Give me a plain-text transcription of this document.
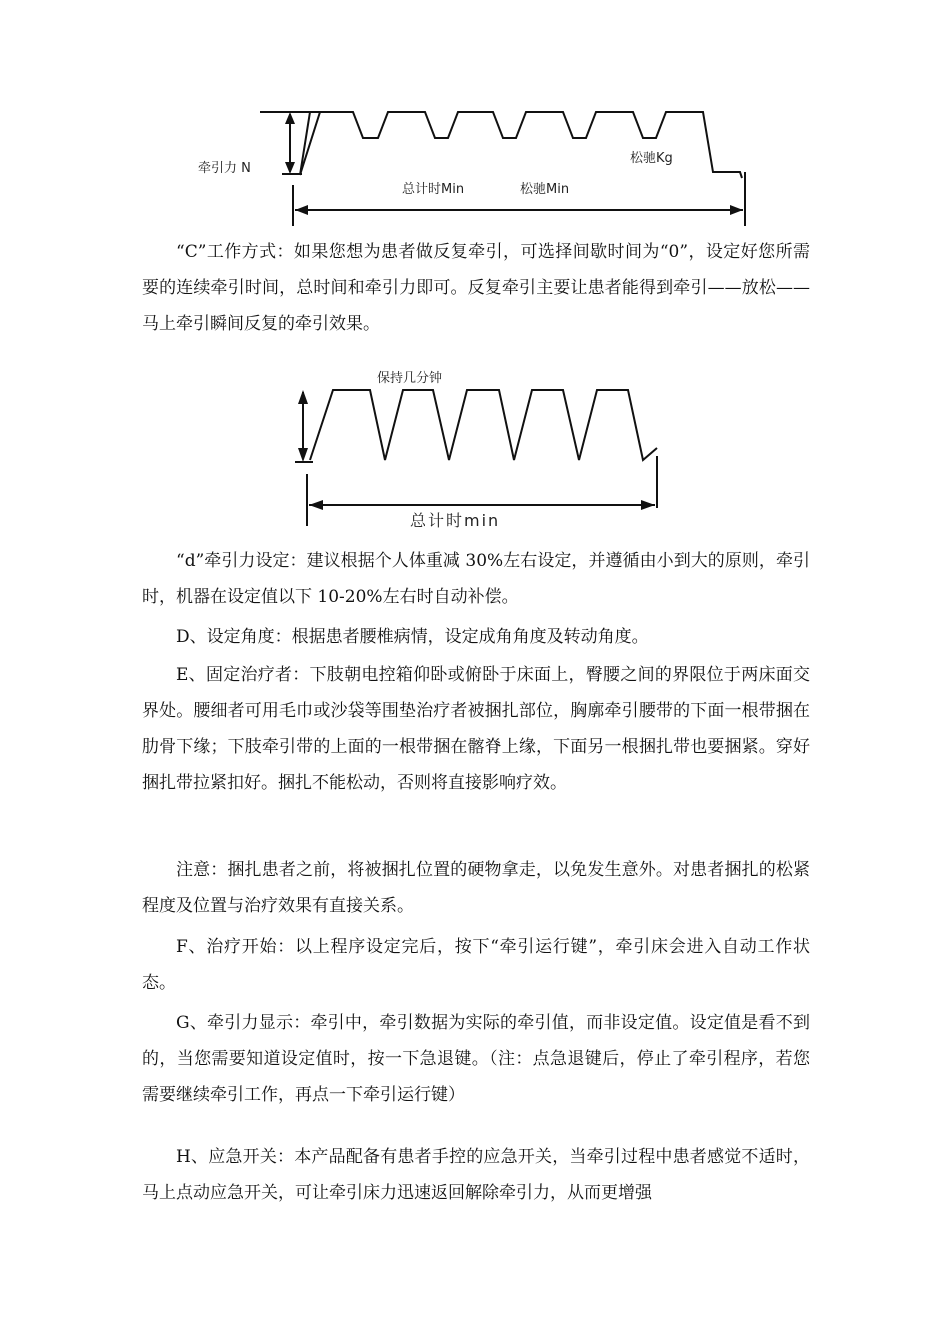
牵引力 N
松驰Kg
总计时Min	松驰Min

“C”工作方式：如果您想为患者做反复牵引，可选择间歇时间为“0”，设定好您所需要的连续牵引时间，总时间和牵引力即可。反复牵引主要让患者能得到牵引——放松——马上牵引瞬间反复的牵引效果。

保持几分钟
总计时min

“d”牵引力设定：建议根据个人体重减 30%左右设定，并遵循由小到大的原则，牵引时，机器在设定值以下 10-20%左右时自动补偿。

D、设定角度：根据患者腰椎病情，设定成角角度及转动角度。

E、固定治疗者：下肢朝电控箱仰卧或俯卧于床面上，臀腰之间的界限位于两床面交界处。腰细者可用毛巾或沙袋等围垫治疗者被捆扎部位，胸廓牵引腰带的下面一根带捆在肋骨下缘；下肢牵引带的上面的一根带捆在髂脊上缘，下面另一根捆扎带也要捆紧。穿好捆扎带拉紧扣好。捆扎不能松动，否则将直接影响疗效。

注意：捆扎患者之前，将被捆扎位置的硬物拿走，以免发生意外。对患者捆扎的松紧程度及位置与治疗效果有直接关系。

F、治疗开始：以上程序设定完后，按下“牵引运行键”，牵引床会进入自动工作状态。

G、牵引力显示：牵引中，牵引数据为实际的牵引值，而非设定值。设定值是看不到的，当您需要知道设定值时，按一下急退键。（注：点急退键后，停止了牵引程序，若您需要继续牵引工作，再点一下牵引运行键）

H、应急开关：本产品配备有患者手控的应急开关，当牵引过程中患者感觉不适时，马上点动应急开关，可让牵引床力迅速返回解除牵引力，从而更增强
